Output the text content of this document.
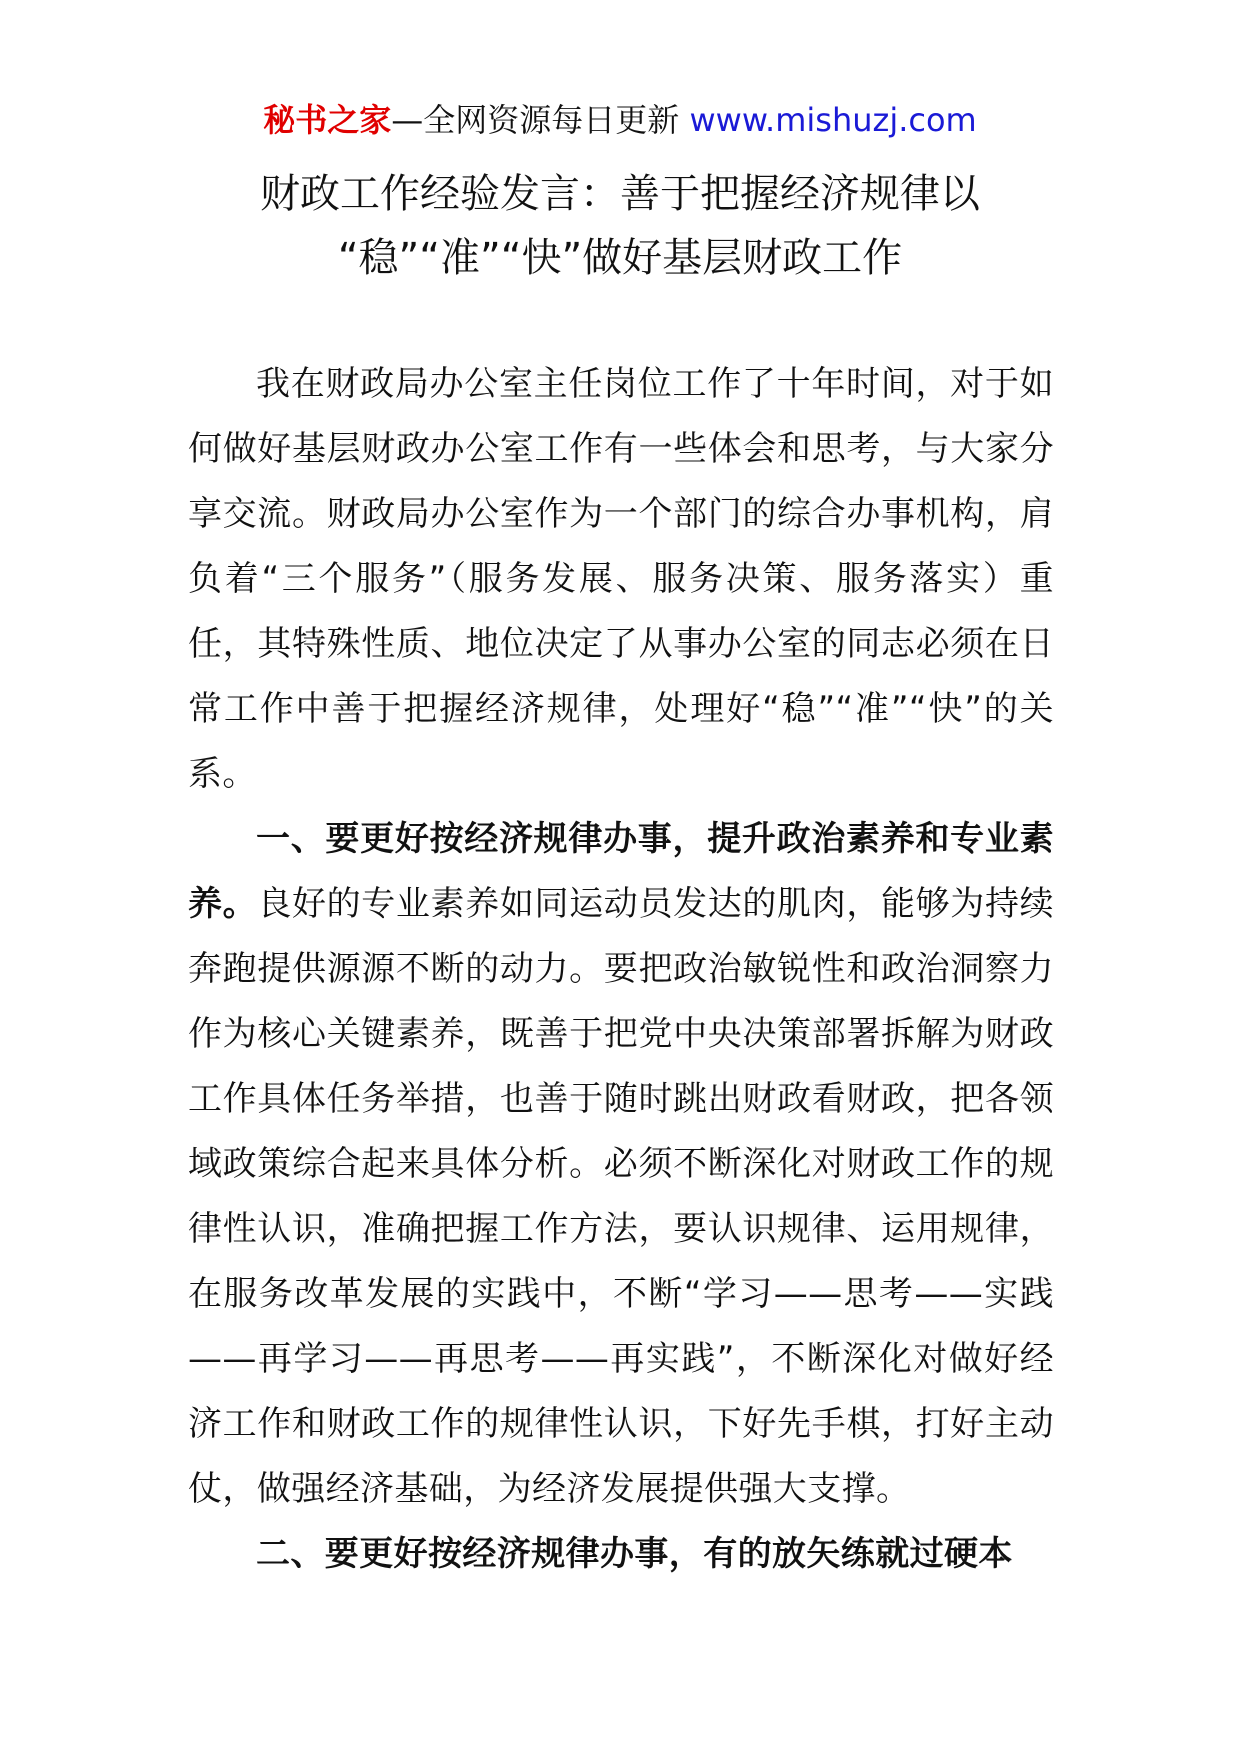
秘书之家—全网资源每日更新 www.mishuzj.com
财政工作经验发言：善于把握经济规律以
“稳”“准”“快”做好基层财政工作

我在财政局办公室主任岗位工作了十年时间，对于如何做好基层财政办公室工作有一些体会和思考，与大家分享交流。财政局办公室作为一个部门的综合办事机构，肩负着“三个服务”（服务发展、服务决策、服务落实）重任，其特殊性质、地位决定了从事办公室的同志必须在日常工作中善于把握经济规律，处理好“稳”“准”“快”的关系。

一、要更好按经济规律办事，提升政治素养和专业素养。良好的专业素养如同运动员发达的肌肉，能够为持续奔跑提供源源不断的动力。要把政治敏锐性和政治洞察力作为核心关键素养，既善于把党中央决策部署拆解为财政工作具体任务举措，也善于随时跳出财政看财政，把各领域政策综合起来具体分析。必须不断深化对财政工作的规律性认识，准确把握工作方法，要认识规律、运用规律，在服务改革发展的实践中，不断“学习——思考——实践——再学习——再思考——再实践”，不断深化对做好经济工作和财政工作的规律性认识，下好先手棋，打好主动仗，做强经济基础，为经济发展提供强大支撑。

二、要更好按经济规律办事，有的放矢练就过硬本
